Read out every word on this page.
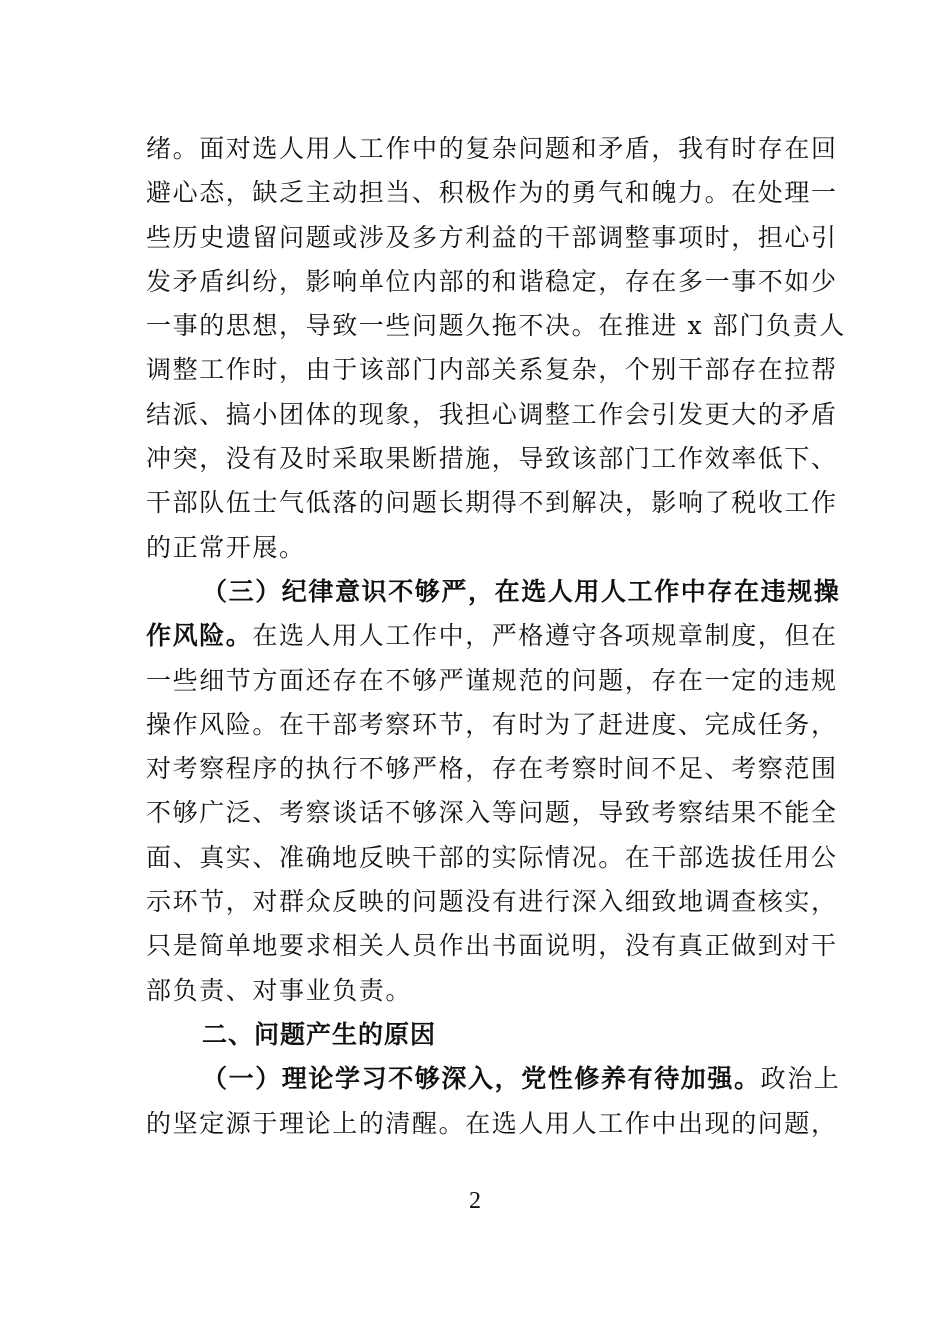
绪。面对选人用人工作中的复杂问题和矛盾，我有时存在回
避心态，缺乏主动担当、积极作为的勇气和魄力。在处理一
些历史遗留问题或涉及多方利益的干部调整事项时，担心引
发矛盾纠纷，影响单位内部的和谐稳定，存在多一事不如少
一事的思想，导致一些问题久拖不决。在推进 x 部门负责人
调整工作时，由于该部门内部关系复杂，个别干部存在拉帮
结派、搞小团体的现象，我担心调整工作会引发更大的矛盾
冲突，没有及时采取果断措施，导致该部门工作效率低下、
干部队伍士气低落的问题长期得不到解决，影响了税收工作
的正常开展。
（三）纪律意识不够严，在选人用人工作中存在违规操
作风险。在选人用人工作中，严格遵守各项规章制度，但在
一些细节方面还存在不够严谨规范的问题，存在一定的违规
操作风险。在干部考察环节，有时为了赶进度、完成任务，
对考察程序的执行不够严格，存在考察时间不足、考察范围
不够广泛、考察谈话不够深入等问题，导致考察结果不能全
面、真实、准确地反映干部的实际情况。在干部选拔任用公
示环节，对群众反映的问题没有进行深入细致地调查核实，
只是简单地要求相关人员作出书面说明，没有真正做到对干
部负责、对事业负责。
二、问题产生的原因
（一）理论学习不够深入，党性修养有待加强。政治上
的坚定源于理论上的清醒。在选人用人工作中出现的问题，
2
